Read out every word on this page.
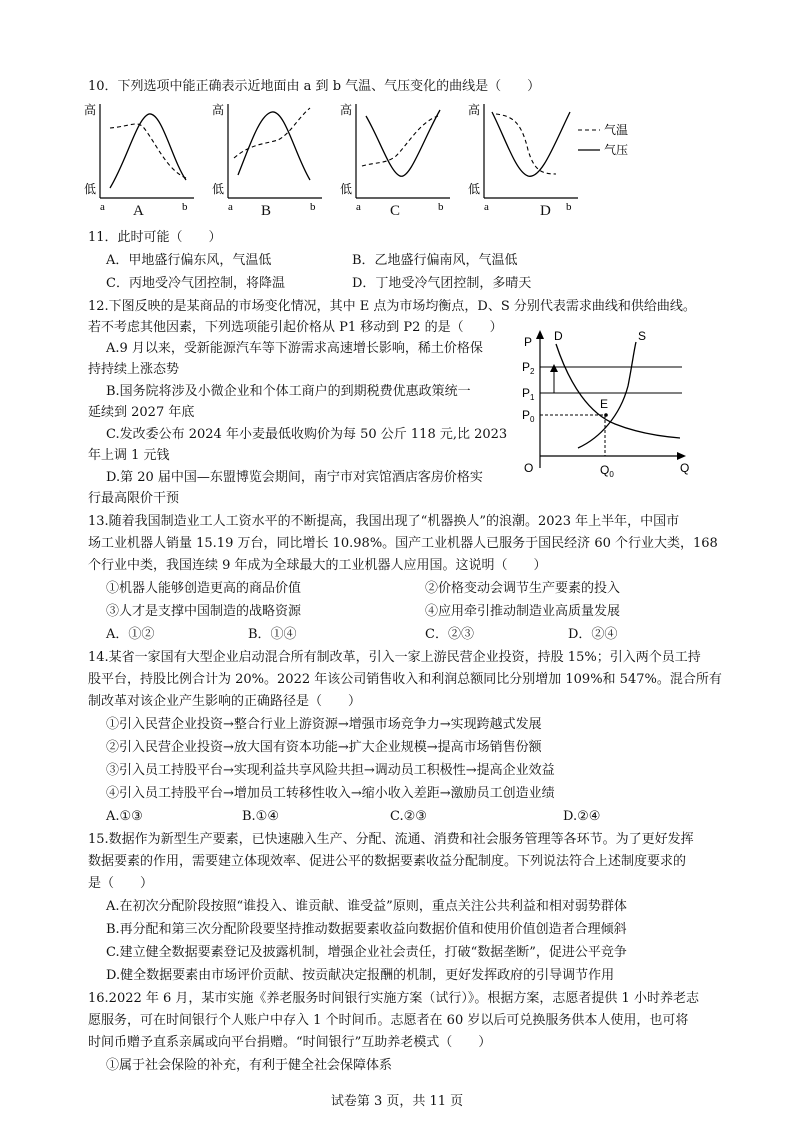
10．下列选项中能正确表示近地面由 a 到 b 气温、气压变化的曲线是（　　）
高
低
a	b
高
低
a	b
高
低
a	b
高
低
a	b
气温
气压
A	B	C	D
11．此时可能（　　）
A．甲地盛行偏东风，气温低	B．乙地盛行偏南风，气温低
C．丙地受冷气团控制，将降温	D．丁地受冷气团控制，多晴天
12.下图反映的是某商品的市场变化情况，其中 E 点为市场均衡点，D、S 分别代表需求曲线和供给曲线。
若不考虑其他因素，下列选项能引起价格从 P1 移动到 P2 的是（　　）
A.9 月以来，受新能源汽车等下游需求高速增长影响，稀土价格保
持持续上涨态势
B.国务院将涉及小微企业和个体工商户的到期税费优惠政策统一
延续到 2027 年底
C.发改委公布 2024 年小麦最低收购价为每 50 公斤 118 元,比 2023
年上调 1 元钱
D.第 20 届中国—东盟博览会期间，南宁市对宾馆酒店客房价格实
行最高限价干预
P D	S
$P_2$
$P_1$
$P_0$
E
O	$Q_0$	Q
13.随着我国制造业工人工资水平的不断提高，我国出现了“机器换人”的浪潮。2023 年上半年，中国市
场工业机器人销量 15.19 万台，同比增长 10.98%。国产工业机器人已服务于国民经济 60 个行业大类，168
个行业中类，我国连续 9 年成为全球最大的工业机器人应用国。这说明（　　）
①机器人能够创造更高的商品价值	②价格变动会调节生产要素的投入
③人才是支撑中国制造的战略资源	④应用牵引推动制造业高质量发展
A．①②	B．①④	C．②③	D．②④
14.某省一家国有大型企业启动混合所有制改革，引入一家上游民营企业投资，持股 15%；引入两个员工持
股平台，持股比例合计为 20%。2022 年该公司销售收入和利润总额同比分别增加 109%和 547%。混合所有
制改革对该企业产生影响的正确路径是（　　）
①引入民营企业投资→整合行业上游资源→增强市场竞争力→实现跨越式发展
②引入民营企业投资→放大国有资本功能→扩大企业规模→提高市场销售份额
③引入员工持股平台→实现利益共享风险共担→调动员工积极性→提高企业效益
④引入员工持股平台→增加员工转移性收入→缩小收入差距→激励员工创造业绩
A.①③	B.①④	C.②③	D.②④
15.数据作为新型生产要素，已快速融入生产、分配、流通、消费和社会服务管理等各环节。为了更好发挥
数据要素的作用，需要建立体现效率、促进公平的数据要素收益分配制度。下列说法符合上述制度要求的
是（　　）
A.在初次分配阶段按照“谁投入、谁贡献、谁受益”原则，重点关注公共利益和相对弱势群体
B.再分配和第三次分配阶段要坚持推动数据要素收益向数据价值和使用价值创造者合理倾斜
C.建立健全数据要素登记及披露机制，增强企业社会责任，打破“数据垄断”，促进公平竞争
D.健全数据要素由市场评价贡献、按贡献决定报酬的机制，更好发挥政府的引导调节作用
16.2022 年 6 月，某市实施《养老服务时间银行实施方案（试行）》。根据方案，志愿者提供 1 小时养老志
愿服务，可在时间银行个人账户中存入 1 个时间币。志愿者在 60 岁以后可兑换服务供本人使用，也可将
时间币赠予直系亲属或向平台捐赠。“时间银行”互助养老模式（　　）
①属于社会保险的补充，有利于健全社会保障体系
试卷第 3 页，共 11 页
